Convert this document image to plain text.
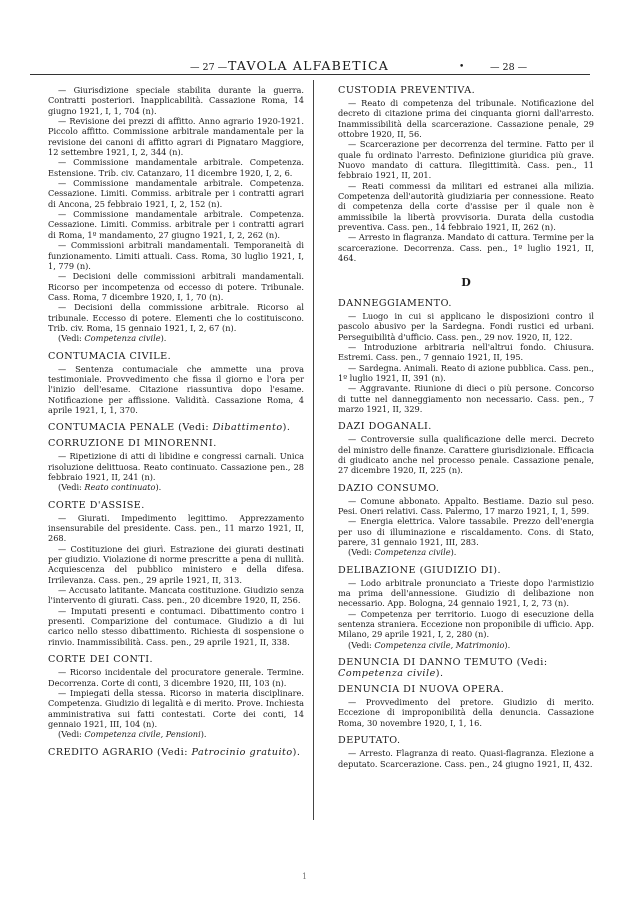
— 27 — TAVOLA ALFABETICA	•	— 28 —

— Giurisdizione speciale stabilita durante la guerra. Contratti posteriori. Inapplicabilità. Cassazione Roma, 14 giugno 1921, I, 1, 704 (n).

— Revisione dei prezzi di affitto. Anno agrario 1920-1921. Piccolo affitto. Commissione arbitrale mandamentale per la revisione dei canoni di affitto agrari di Pignataro Maggiore, 12 settembre 1921, I, 2, 344 (n).

— Commissione mandamentale arbitrale. Competenza. Estensione. Trib. civ. Catanzaro, 11 dicembre 1920, I, 2, 6.

— Commissione mandamentale arbitrale. Competenza. Cessazione. Limiti. Commiss. arbitrale per i contratti agrari di Ancona, 25 febbraio 1921, I, 2, 152 (n).

— Commissione mandamentale arbitrale. Competenza. Cessazione. Limiti. Commiss. arbitrale per i contratti agrari di Roma, 1º mandamento, 27 giugno 1921, I, 2, 262 (n).

— Commissioni arbitrali mandamentali. Temporaneità di funzionamento. Limiti attuali. Cass. Roma, 30 luglio 1921, I, 1, 779 (n).

— Decisioni delle commissioni arbitrali mandamentali. Ricorso per incompetenza od eccesso di potere. Tribunale. Cass. Roma, 7 dicembre 1920, I, 1, 70 (n).

— Decisioni della commissione arbitrale. Ricorso al tribunale. Eccesso di potere. Elementi che lo costituiscono. Trib. civ. Roma, 15 gennaio 1921, I, 2, 67 (n).

(Vedi: Competenza civile).

CONTUMACIA CIVILE.

— Sentenza contumaciale che ammette una prova testimoniale. Provvedimento che fissa il giorno e l'ora per l'inizio dell'esame. Citazione riassuntiva dopo l'esame. Notificazione per affissione. Validità. Cassazione Roma, 4 aprile 1921, I, 1, 370.

CONTUMACIA PENALE (Vedi: Dibattimento).
CORRUZIONE DI MINORENNI.

— Ripetizione di atti di libidine e congressi carnali. Unica risoluzione delittuosa. Reato continuato. Cassazione pen., 28 febbraio 1921, II, 241 (n).

(Vedi: Reato continuato).

CORTE D'ASSISE.

— Giurati. Impedimento legittimo. Apprezzamento insensurabile del presidente. Cass. pen., 11 marzo 1921, II, 268.

— Costituzione dei giurì. Estrazione dei giurati destinati per giudizio. Violazione di norme prescritte a pena di nullità. Acquiescenza del pubblico ministero e della difesa. Irrilevanza. Cass. pen., 29 aprile 1921, II, 313.

— Accusato latitante. Mancata costituzione. Giudizio senza l'intervento di giurati. Cass. pen., 20 dicembre 1920, II, 256.

— Imputati presenti e contumaci. Dibattimento contro i presenti. Comparizione del contumace. Giudizio a di lui carico nello stesso dibattimento. Richiesta di sospensione o rinvio. Inammissibilità. Cass. pen., 29 aprile 1921, II, 338.

CORTE DEI CONTI.

— Ricorso incidentale del procuratore generale. Termine. Decorrenza. Corte di conti, 3 dicembre 1920, III, 103 (n).

— Impiegati della stessa. Ricorso in materia disciplinare. Competenza. Giudizio di legalità e di merito. Prove. Inchiesta amministrativa sui fatti contestati. Corte dei conti, 14 gennaio 1921, III, 104 (n).

(Vedi: Competenza civile, Pensioni).

CREDITO AGRARIO (Vedi: Patrocinio gratuito).
CUSTODIA PREVENTIVA.

— Reato di competenza del tribunale. Notificazione del decreto di citazione prima dei cinquanta giorni dall'arresto. Inammissibilità della scarcerazione. Cassazione penale, 29 ottobre 1920, II, 56.

— Scarcerazione per decorrenza del termine. Fatto per il quale fu ordinato l'arresto. Definizione giuridica più grave. Nuovo mandato di cattura. Illegittimità. Cass. pen., 11 febbraio 1921, II, 201.

— Reati commessi da militari ed estranei alla milizia. Competenza dell'autorità giudiziaria per connessione. Reato di competenza della corte d'assise per il quale non è ammissibile la libertà provvisoria. Durata della custodia preventiva. Cass. pen., 14 febbraio 1921, II, 262 (n).

— Arresto in flagranza. Mandato di cattura. Termine per la scarcerazione. Decorrenza. Cass. pen., 1º luglio 1921, II, 464.

D
DANNEGGIAMENTO.

— Luogo in cui si applicano le disposizioni contro il pascolo abusivo per la Sardegna. Fondi rustici ed urbani. Perseguibilità d'ufficio. Cass. pen., 29 nov. 1920, II, 122.

— Introduzione arbitraria nell'altrui fondo. Chiusura. Estremi. Cass. pen., 7 gennaio 1921, II, 195.

— Sardegna. Animali. Reato di azione pubblica. Cass. pen., 1º luglio 1921, II, 391 (n).

— Aggravante. Riunione di dieci o più persone. Concorso di tutte nel danneggiamento non necessario. Cass. pen., 7 marzo 1921, II, 329.

DAZI DOGANALI.

— Controversie sulla qualificazione delle merci. Decreto del ministro delle finanze. Carattere giurisdizionale. Efficacia di giudicato anche nel processo penale. Cassazione penale, 27 dicembre 1920, II, 225 (n).

DAZIO CONSUMO.

— Comune abbonato. Appalto. Bestiame. Dazio sul peso. Pesi. Oneri relativi. Cass. Palermo, 17 marzo 1921, I, 1, 599.

— Energia elettrica. Valore tassabile. Prezzo dell'energia per uso di illuminazione e riscaldamento. Cons. di Stato, parere, 31 gennaio 1921, III, 283.

(Vedi: Competenza civile).

DELIBAZIONE (GIUDIZIO DI).

— Lodo arbitrale pronunciato a Trieste dopo l'armistizio ma prima dell'annessione. Giudizio di delibazione non necessario. App. Bologna, 24 gennaio 1921, I, 2, 73 (n).

— Competenza per territorio. Luogo di esecuzione della sentenza straniera. Eccezione non proponibile di ufficio. App. Milano, 29 aprile 1921, I, 2, 280 (n).

(Vedi: Competenza civile, Matrimonio).

DENUNCIA DI DANNO TEMUTO (Vedi: Competenza civile).
DENUNCIA DI NUOVA OPERA.

— Provvedimento del pretore. Giudizio di merito. Eccezione di improponibilità della denuncia. Cassazione Roma, 30 novembre 1920, I, 1, 16.

DEPUTATO.

— Arresto. Flagranza di reato. Quasi-flagranza. Elezione a deputato. Scarcerazione. Cass. pen., 24 giugno 1921, II, 432.

1
